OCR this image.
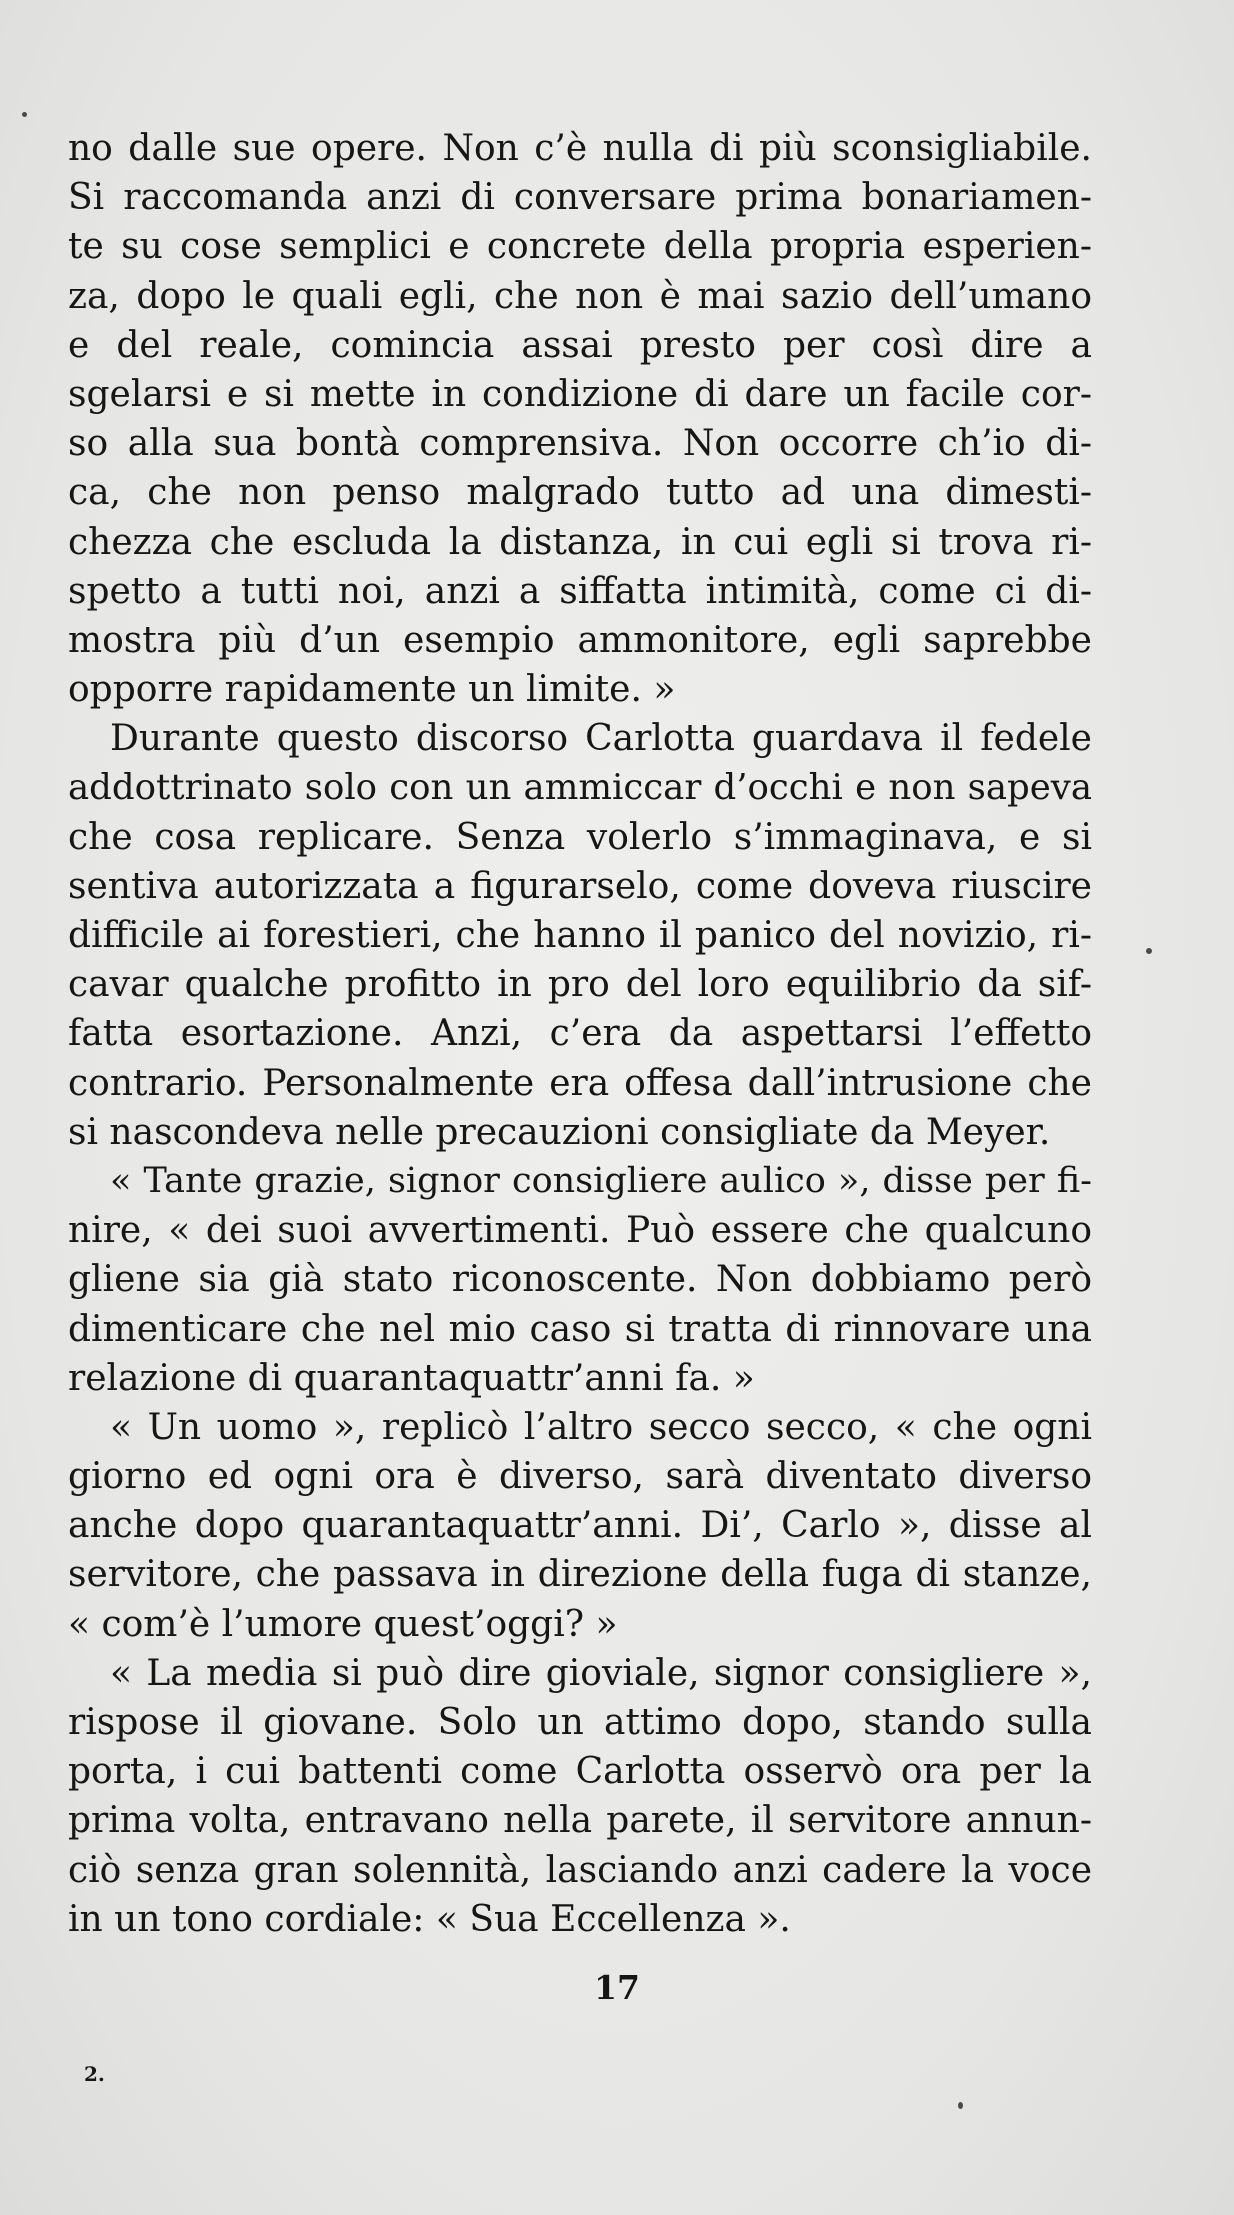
no dalle sue opere. Non c’è nulla di più sconsigliabile.
Si raccomanda anzi di conversare prima bonariamen-
te su cose semplici e concrete della propria esperien-
za, dopo le quali egli, che non è mai sazio dell’umano
e del reale, comincia assai presto per così dire a
sgelarsi e si mette in condizione di dare un facile cor-
so alla sua bontà comprensiva. Non occorre ch’io di-
ca, che non penso malgrado tutto ad una dimesti-
chezza che escluda la distanza, in cui egli si trova ri-
spetto a tutti noi, anzi a siffatta intimità, come ci di-
mostra più d’un esempio ammonitore, egli saprebbe
opporre rapidamente un limite. »
Durante questo discorso Carlotta guardava il fedele
addottrinato solo con un ammiccar d’occhi e non sapeva
che cosa replicare. Senza volerlo s’immaginava, e si
sentiva autorizzata a figurarselo, come doveva riuscire
difficile ai forestieri, che hanno il panico del novizio, ri-
cavar qualche profitto in pro del loro equilibrio da sif-
fatta esortazione. Anzi, c’era da aspettarsi l’effetto
contrario. Personalmente era offesa dall’intrusione che
si nascondeva nelle precauzioni consigliate da Meyer.
« Tante grazie, signor consigliere aulico », disse per fi-
nire, « dei suoi avvertimenti. Può essere che qualcuno
gliene sia già stato riconoscente. Non dobbiamo però
dimenticare che nel mio caso si tratta di rinnovare una
relazione di quarantaquattr’anni fa. »
« Un uomo », replicò l’altro secco secco, « che ogni
giorno ed ogni ora è diverso, sarà diventato diverso
anche dopo quarantaquattr’anni. Di’, Carlo », disse al
servitore, che passava in direzione della fuga di stanze,
« com’è l’umore quest’oggi? »
« La media si può dire gioviale, signor consigliere »,
rispose il giovane. Solo un attimo dopo, stando sulla
porta, i cui battenti come Carlotta osservò ora per la
prima volta, entravano nella parete, il servitore annun-
ciò senza gran solennità, lasciando anzi cadere la voce
in un tono cordiale: « Sua Eccellenza ».
17
2.
